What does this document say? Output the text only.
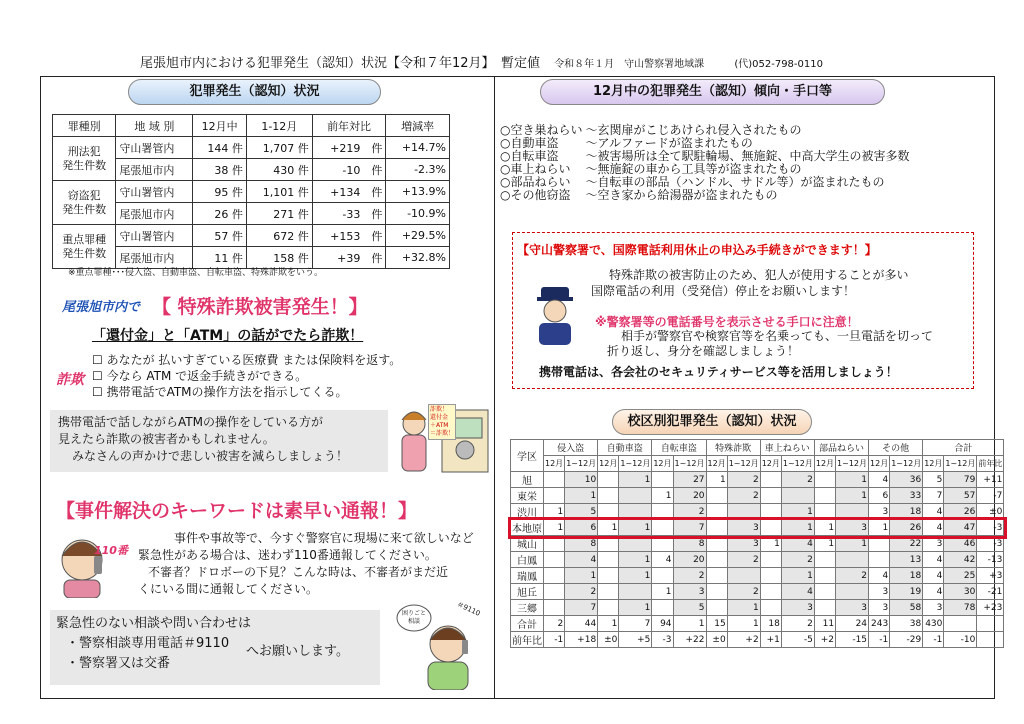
尾張旭市内における犯罪発生（認知）状況【令和７年12月】　暫定値 令和８年１月　守山警察署地域課	(代)052-798-0110
犯罪発生（認知）状況
罪種別	地 域 別	12月中	1-12月	前年対比	増減率
刑法犯
発生件数	守山署管内	144 件	1,707 件	+219　件	+14.7%
	尾張旭市内	38 件	430 件	-10　件	-2.3%
窃盗犯
発生件数	守山署管内	95 件	1,101 件	+134　件	+13.9%
	尾張旭市内	26 件	271 件	-33　件	-10.9%
重点罪種
発生件数	守山署管内	57 件	672 件	+153　件	+29.5%
	尾張旭市内	11 件	158 件	+39　件	+32.8%
※重点罪種･･･侵入盗、自動車盗、自転車盗、特殊詐欺をいう。
尾張旭市内で 【 特殊詐欺被害発生！】
「還付金」と「ATM」の話がでたら詐欺！
詐欺
☐ あなたが 払いすぎている医療費 または保険料を返す。
☐ 今なら ATM で返金手続きができる。
☐ 携帯電話でATMの操作方法を指示してくる。
携帯電話で話しながらATMの操作をしている方が
見えたら詐欺の被害者かもしれません。
みなさんの声かけで悲しい被害を減らしましょう！
詐欺！
還付金
＋ATM
＝詐欺！
【事件解決のキーワードは素早い通報！】
110番
事件や事故等で、今すぐ警察官に現場に来て欲しいなど
緊急性がある場合は、迷わず110番通報してください。
不審者？ドロボーの下見？こんな時は、不審者がまだ近
くにいる間に通報してください。
緊急性のない相談や問い合わせは
・警察相談専用電話＃9110
・警察署又は交番
へお願いします。
困りごと相談
＃9110
12月中の犯罪発生（認知）傾向・手口等
○空き巣ねらい	～玄関扉がこじあけられ侵入されたもの
○自動車盗	～アルファードが盗まれたもの
○自転車盗	～被害場所は全て駅駐輪場、無施錠、中高大学生の被害多数
○車上ねらい	～無施錠の車から工具等が盗まれたもの
○部品ねらい	～自転車の部品（ハンドル、サドル等）が盗まれたもの
○その他窃盗	～空き家から給湯器が盗まれたもの
【守山警察署で、国際電話利用休止の申込み手続きができます！】
特殊詐欺の被害防止のため、犯人が使用することが多い
国際電話の利用（受発信）停止をお願いします！
※警察署等の電話番号を表示させる手口に注意！
相手が警察官や検察官等を名乗っても、一旦電話を切って
折り返し、身分を確認しましょう！
携帯電話は、各会社のセキュリティサービス等を活用しましょう！
校区別犯罪発生（認知）状況
学区	侵入盗		自動車盗		自転車盗		特殊詐欺		車上ねらい		部品ねらい		その他		合計		
	12月	1~12月	12月	1~12月	12月	1~12月	12月	1~12月	12月	1~12月	12月	1~12月	12月	1~12月	12月	1~12月	前年比
旭		10		1		27	1	2		2		1	4	36	5	79	+11
東栄		1			1	20		2				1	6	33	7	57	-7
渋川	1	5				2				1			3	18	4	26	±0
本地原	1	6	1	1		7		3		1	1	3	1	26	4	47	-3
城山		8				8		3	1	4	1	1		22	3	46	-3
白鳳		4		1	4	20		2		2				13	4	42	-13
瑞鳳		1		1		2				1		2	4	18	4	25	+3
旭丘		2			1	3		2		4			3	19	4	30	-21
三郷		7		1		5		1		3		3	3	58	3	78	+23
合計	2	44	1	7	94	1	15	1	18	2	11	24	243	38	430		
前年比	-1	+18	±0	+5	-3	+22	±0	+2	+1	-5	+2	-15	-1	-29	-1	-10	
